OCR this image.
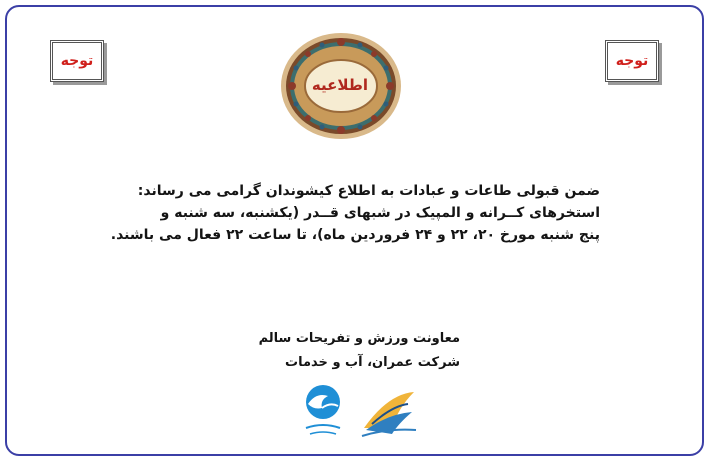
توجه	توجه
اطلاعیه
ضمن قبولی طاعات و عبادات به اطلاع کیشوندان گرامی می رساند:
استخرهای کــرانه و المپیک در شبهای قــدر (یکشنبه، سه شنبه و
پنج شنبه مورخ ۲۰، ۲۲ و ۲۴ فروردین ماه)، تا ساعت ۲۲ فعال می باشند.
معاونت ورزش و تفریحات سالم
شرکت عمران، آب و خدمات
